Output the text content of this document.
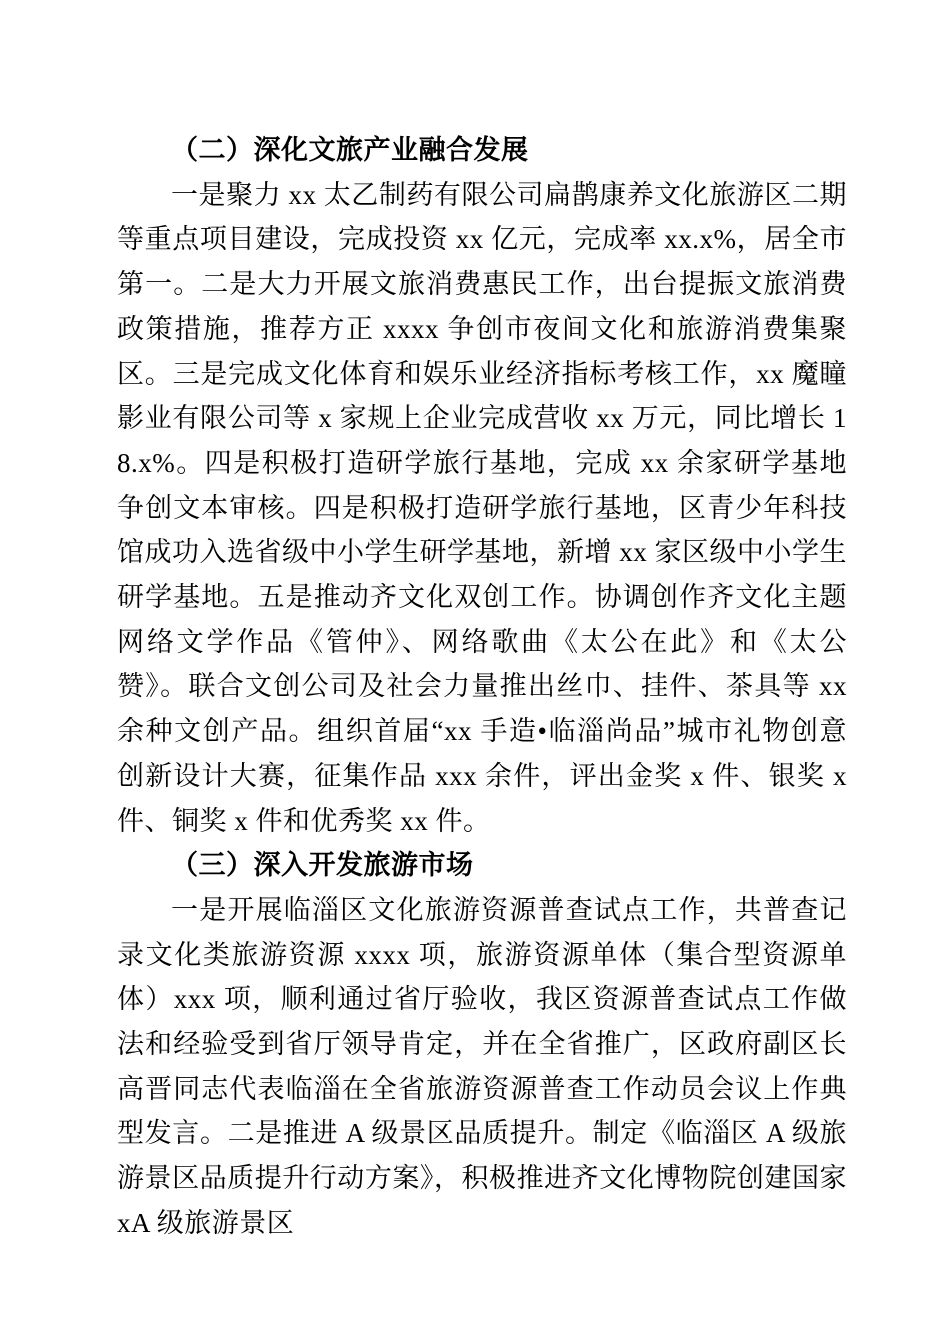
（二）深化文旅产业融合发展

一是聚力 xx 太乙制药有限公司扁鹊康养文化旅游区二期等重点项目建设，完成投资 xx 亿元，完成率 xx.x%，居全市第一。二是大力开展文旅消费惠民工作，出台提振文旅消费政策措施，推荐方正 xxxx 争创市夜间文化和旅游消费集聚区。三是完成文化体育和娱乐业经济指标考核工作，xx 魔瞳影业有限公司等 x 家规上企业完成营收 xx 万元，同比增长 18.x%。四是积极打造研学旅行基地，完成 xx 余家研学基地争创文本审核。四是积极打造研学旅行基地，区青少年科技馆成功入选省级中小学生研学基地，新增 xx 家区级中小学生研学基地。五是推动齐文化双创工作。协调创作齐文化主题网络文学作品《管仲》、网络歌曲《太公在此》和《太公赞》。联合文创公司及社会力量推出丝巾、挂件、茶具等 xx 余种文创产品。组织首届“xx 手造•临淄尚品”城市礼物创意创新设计大赛，征集作品 xxx 余件，评出金奖 x 件、银奖 x 件、铜奖 x 件和优秀奖 xx 件。

（三）深入开发旅游市场

一是开展临淄区文化旅游资源普查试点工作，共普查记录文化类旅游资源 xxxx 项，旅游资源单体（集合型资源单体）xxx 项，顺利通过省厅验收，我区资源普查试点工作做法和经验受到省厅领导肯定，并在全省推广，区政府副区长高晋同志代表临淄在全省旅游资源普查工作动员会议上作典型发言。二是推进 A 级景区品质提升。制定《临淄区 A 级旅游景区品质提升行动方案》，积极推进齐文化博物院创建国家 xA 级旅游景区
